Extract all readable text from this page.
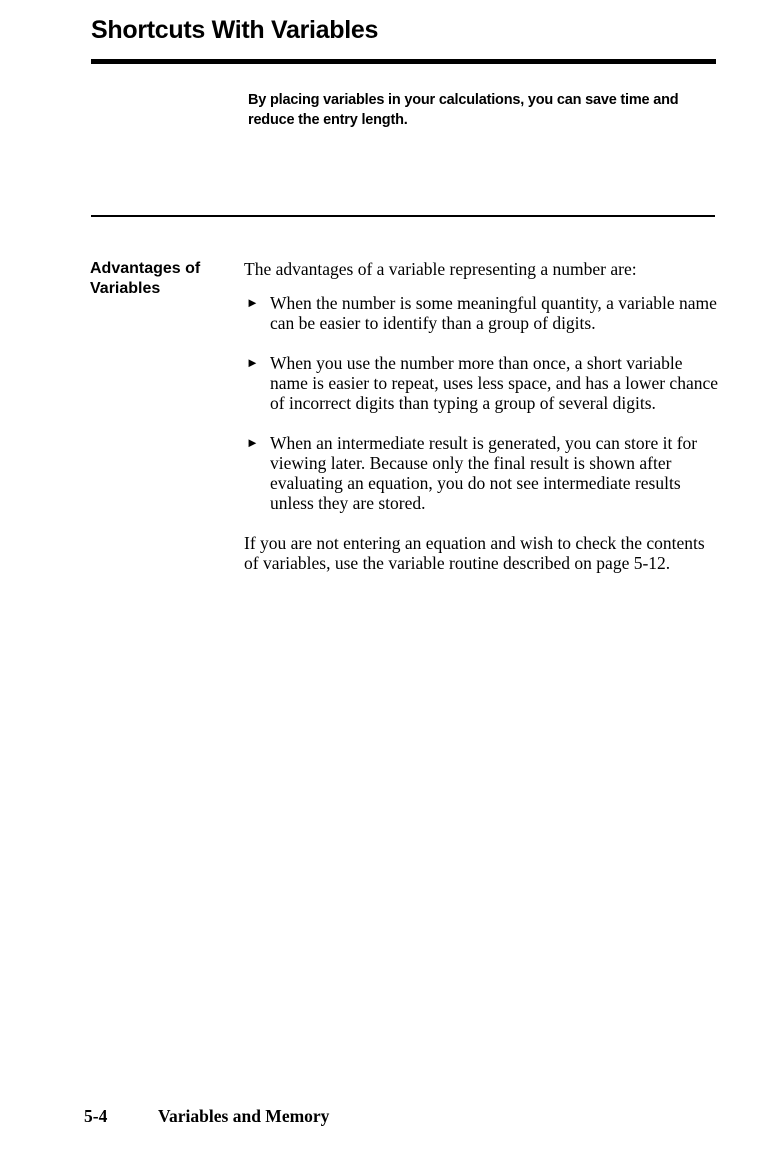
Shortcuts With Variables
By placing variables in your calculations, you can save time and reduce the entry length.
Advantages of
Variables

The advantages of a variable representing a number are:

► When the number is some meaningful quantity, a variable name can be easier to identify than a group of digits.
► When you use the number more than once, a short variable name is easier to repeat, uses less space, and has a lower chance of incorrect digits than typing a group of several digits.
► When an intermediate result is generated, you can store it for viewing later. Because only the final result is shown after evaluating an equation, you do not see intermediate results unless they are stored.

If you are not entering an equation and wish to check the contents of variables, use the variable routine described on page 5-12.

5-4	Variables and Memory
